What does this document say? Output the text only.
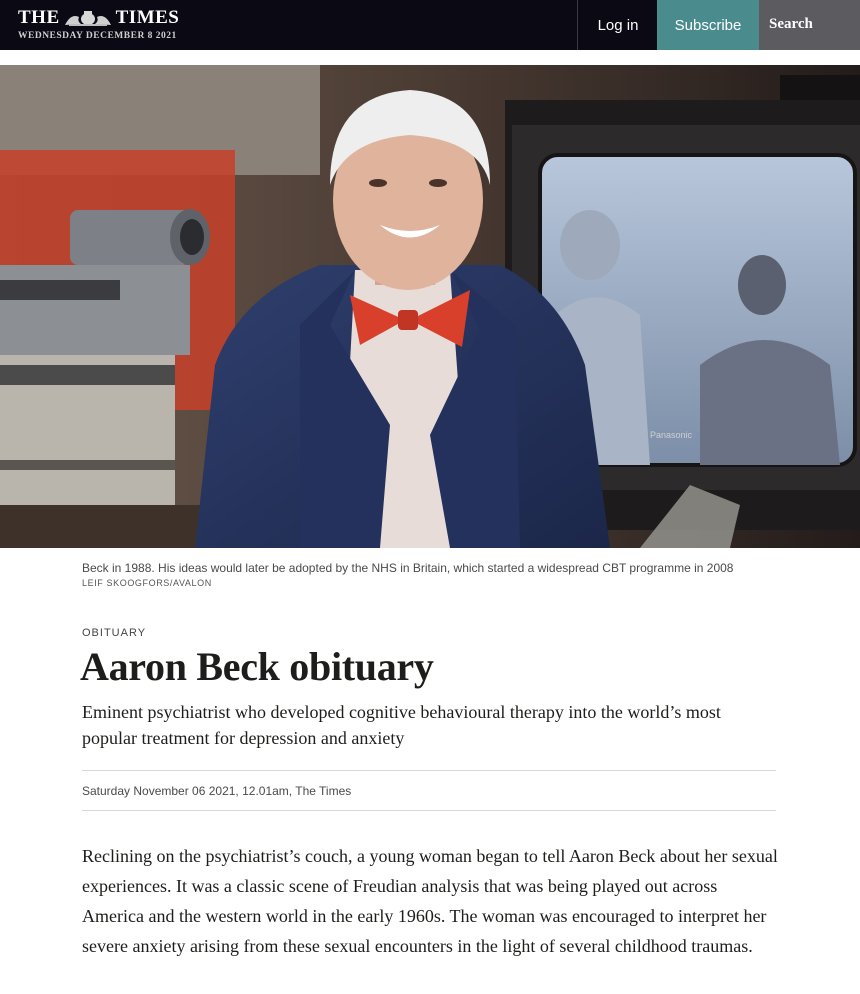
THE	TIMES
WEDNESDAY DECEMBER 8 2021
Log in	Subscribe	Search
Panasonic
Beck in 1988. His ideas would later be adopted by the NHS in Britain, which started a widespread CBT programme in 2008
LEIF SKOOGFORS/AVALON
OBITUARY
Aaron Beck obituary

Eminent psychiatrist who developed cognitive behavioural therapy into the world’s most popular treatment for depression and anxiety

Saturday November 06 2021, 12.01am, The Times

Reclining on the psychiatrist’s couch, a young woman began to tell Aaron Beck about her sexual experiences. It was a classic scene of Freudian analysis that was being played out across America and the western world in the early 1960s. The woman was encouraged to interpret her severe anxiety arising from these sexual encounters in the light of several childhood traumas.
